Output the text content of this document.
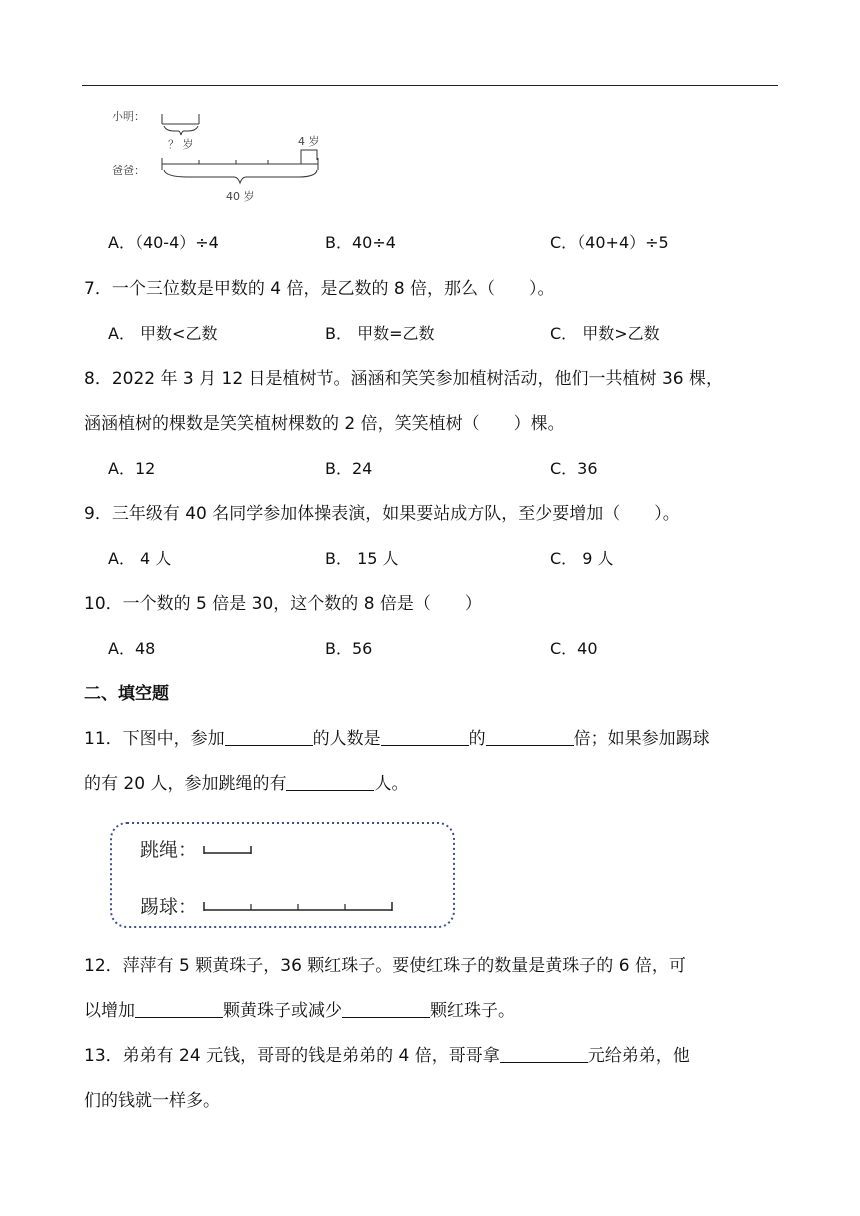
小明：
？ 岁	4 岁
爸爸：
40 岁
A．（40-4）÷4	B．40÷4	C．（40+4）÷5
7．一个三位数是甲数的 4 倍，是乙数的 8 倍，那么（　　）。
A． 甲数<乙数	B． 甲数=乙数	C． 甲数>乙数
8．2022 年 3 月 12 日是植树节。涵涵和笑笑参加植树活动，他们一共植树 36 棵，
涵涵植树的棵数是笑笑植树棵数的 2 倍，笑笑植树（　　）棵。
A．12	B．24	C．36
9．三年级有 40 名同学参加体操表演，如果要站成方队，至少要增加（　　）。
A． 4 人	B． 15 人	C． 9 人
10．一个数的 5 倍是 30，这个数的 8 倍是（　　）
A．48	B．56	C．40
二、填空题
11．下图中，参加	的人数是	的	倍；如果参加踢球
的有 20 人，参加跳绳的有	人。
跳绳：
踢球：
12．萍萍有 5 颗黄珠子，36 颗红珠子。要使红珠子的数量是黄珠子的 6 倍，可
以增加	颗黄珠子或减少	颗红珠子。
13．弟弟有 24 元钱，哥哥的钱是弟弟的 4 倍，哥哥拿	元给弟弟，他
们的钱就一样多。
